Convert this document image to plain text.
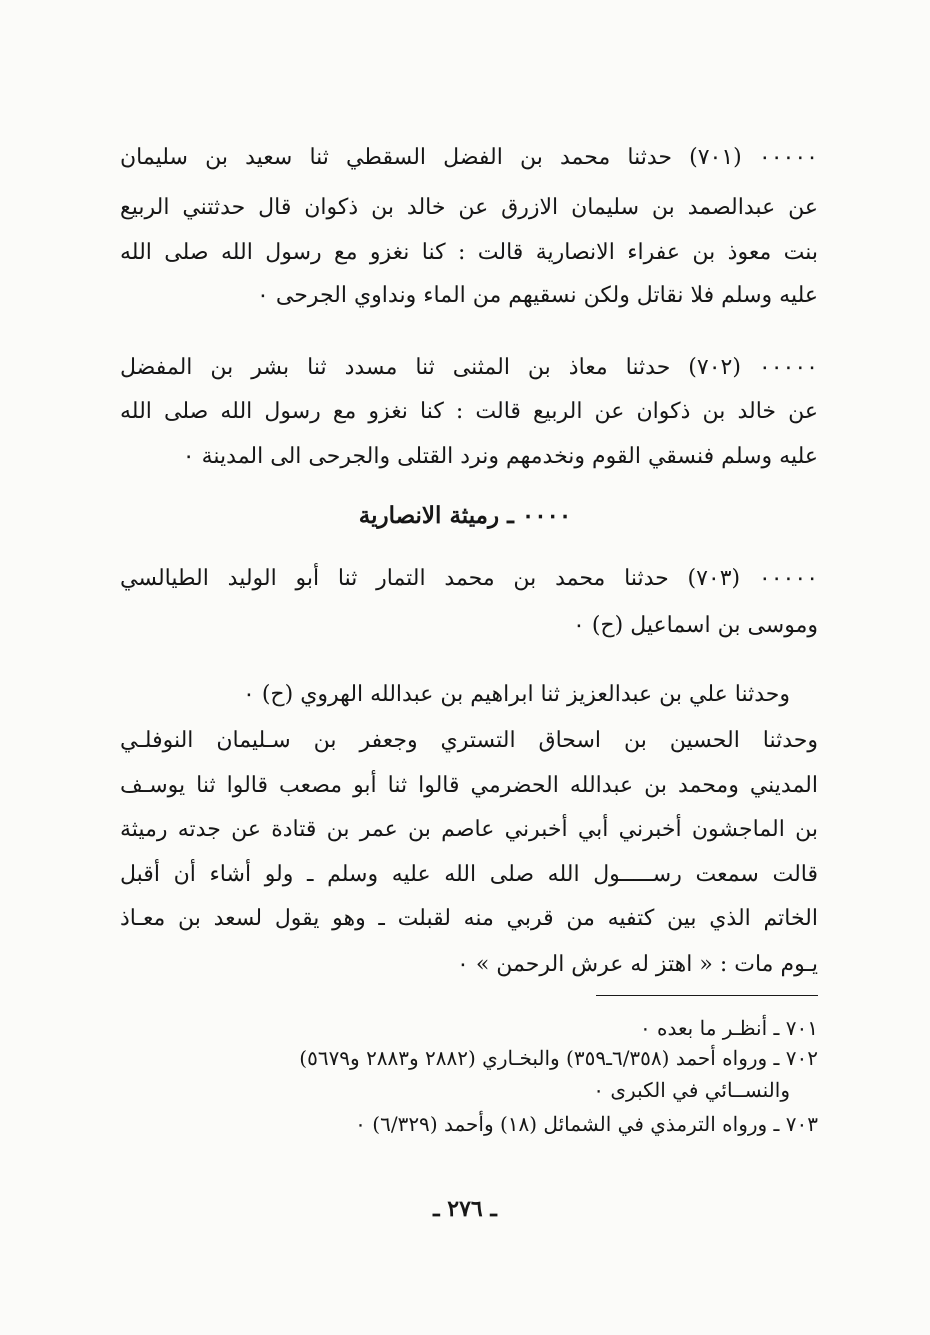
٠٠٠٠٠ (٧٠١) حدثنا محمد بن الفضل السقطي ثنا سعيد بن سليمان
عن عبدالصمد بن سليمان الازرق عن خالد بن ذكوان قال حدثتني الربيع
بنت معوذ بن عفراء الانصارية قالت : كنا نغزو مع رسول الله صلى الله
عليه وسلم فلا نقاتل ولكن نسقيهم من الماء ونداوي الجرحى ٠
٠٠٠٠٠ (٧٠٢) حدثنا معاذ بن المثنى ثنا مسدد ثنا بشر بن المفضل
عن خالد بن ذكوان عن الربيع قالت : كنا نغزو مع رسول الله صلى الله
عليه وسلم فنسقي القوم ونخدمهم ونرد القتلى والجرحى الى المدينة ٠
٠٠٠٠ ـ رميثة الانصارية
٠٠٠٠٠ (٧٠٣) حدثنا محمد بن محمد التمار ثنا أبو الوليد الطيالسي
وموسى بن اسماعيل (ح) ٠
وحدثنا علي بن عبدالعزيز ثنا ابراهيم بن عبدالله الهروي (ح) ٠
وحدثنا الحسين بن اسحاق التستري وجعفر بن سـليمان النوفلـي
المديني ومحمد بن عبدالله الحضرمي قالوا ثنا أبو مصعب قالوا ثنا يوسـف
بن الماجشون أخبرني أبي أخبرني عاصم بن عمر بن قتادة عن جدته رميثة
قالت سمعت رســـــول الله صلى الله عليه وسلم ـ ولو أشاء أن أقبل
الخاتم الذي بين كتفيه من قربي منه لقبلت ـ وهو يقول لسعد بن معـاذ
يـوم مات : « اهتز له عرش الرحمن » ٠
٧٠١ ـ أنظـر ما بعده ٠
٧٠٢ ـ ورواه أحمد (٦/٣٥٨ـ٣٥٩) والبخـاري (٢٨٨٢ و٢٨٨٣ و٥٦٧٩)
والنســائي في الكبرى ٠
٧٠٣ ـ ورواه الترمذي في الشمائل (١٨) وأحمد (٦/٣٢٩) ٠
ـ ٢٧٦ ـ
